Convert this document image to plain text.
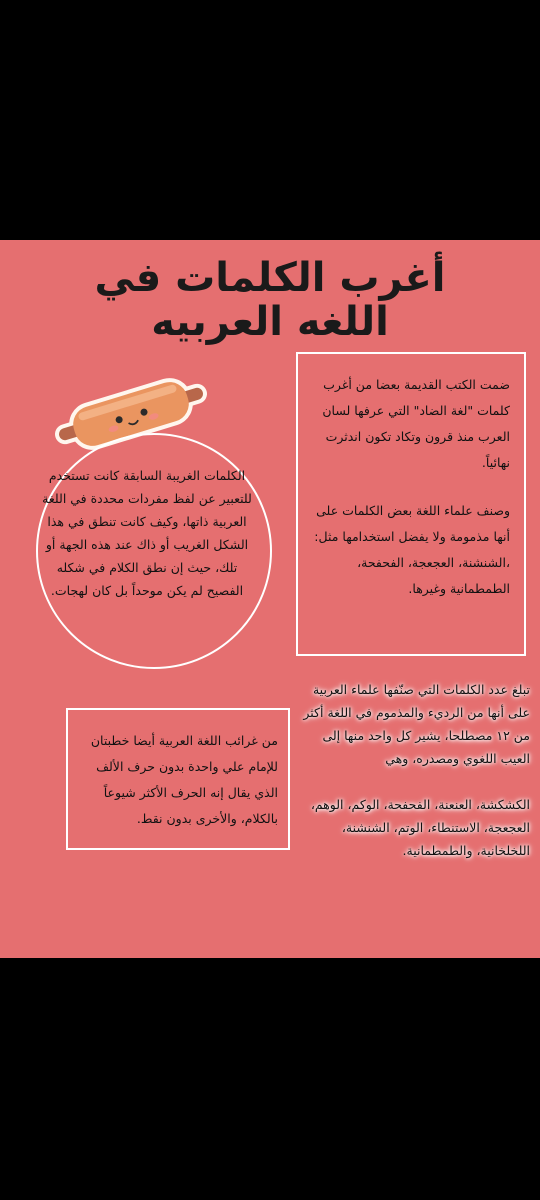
أغرب الكلمات في
اللغه العربيه

ضمت الكتب القديمة بعضا من أغرب كلمات "لغة الضاد" التي عرفها لسان العرب منذ قرون وتكاد تكون اندثرت نهائياً.

وصنف علماء اللغة بعض الكلمات على أنها مذمومة ولا يفضل استخدامها مثل: ،الشنشنة، العجعجة، الفحفحة، الطمطمانية وغيرها.

الكلمات الغريبة السابقة كانت تستخدم للتعبير عن لفظ مفردات محددة في اللغة العربية ذاتها، وكيف كانت تنطق في هذا الشكل الغريب أو ذاك عند هذه الجهة أو تلك، حيث إن نطق الكلام في شكله الفصيح لم يكن موحداً بل كان لهجات.

تبلغ عدد الكلمات التي صنّفها علماء العربية على أنها من الرديء والمذموم في اللغة أكثر من ١٢ مصطلحا، يشير كل واحد منها إلى العيب اللغوي ومصدره، وهي

الكشكشة، العنعنة، الفحفحة، الوكم، الوهم، العجعجة، الاستنطاء، الوتم، الشنشنة، اللخلخانية، والطمطمانية.

من غرائب اللغة العربية أيضا خطبتان للإمام علي واحدة بدون حرف الألف الذي يقال إنه الحرف الأكثر شيوعاً بالكلام، والأخرى بدون نقط.
